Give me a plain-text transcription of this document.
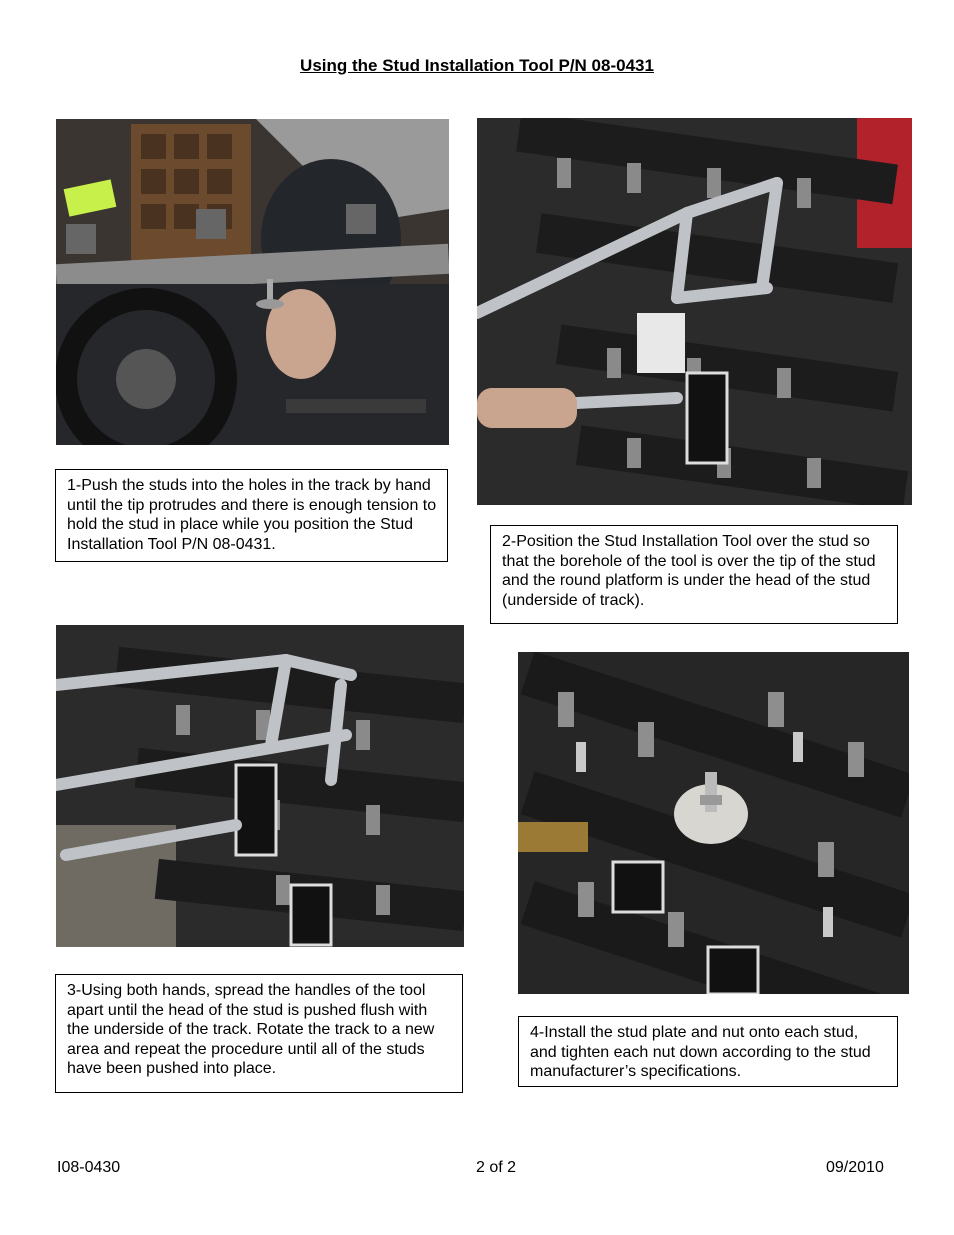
Using the Stud Installation Tool P/N 08-0431
1-Push the studs into the holes in the track by hand until the tip protrudes and there is enough tension to hold the stud in place while you position the Stud Installation Tool P/N 08-0431.	2-Position the Stud Installation Tool over the stud so that the borehole of the tool is over the tip of the stud and the round platform is under the head of the stud (underside of track).
3-Using both hands, spread the handles of the tool apart until the head of the stud is pushed flush with the underside of the track. Rotate the track to a new area and repeat the procedure until all of the studs have been pushed into place.
4-Install the stud plate and nut onto each stud, and tighten each nut down according to the stud manufacturer’s specifications.
I08-0430	2 of 2	09/2010
